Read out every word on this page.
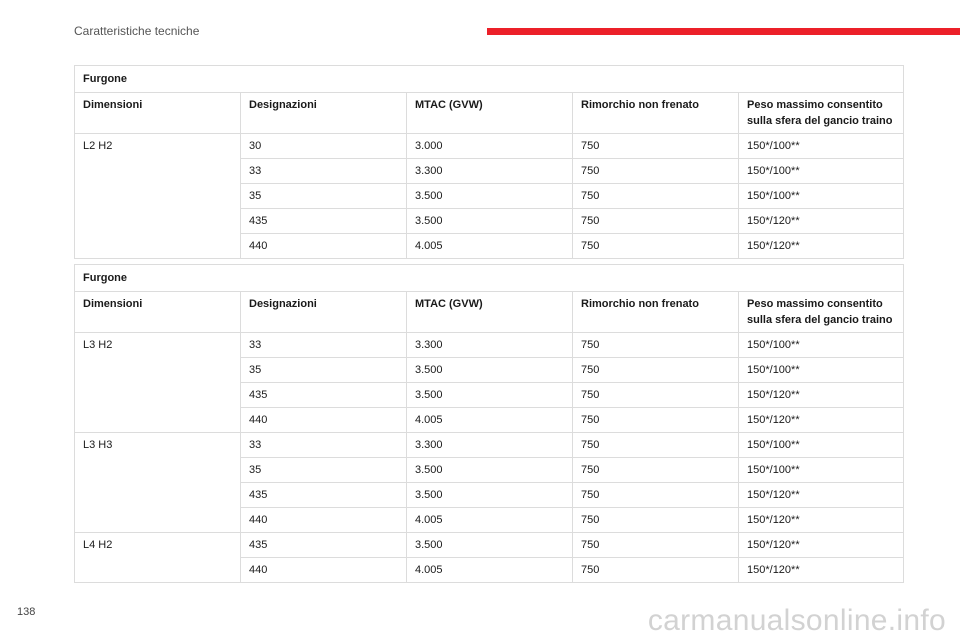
Caratteristiche tecniche
Furgone				
Dimensioni	Designazioni	MTAC (GVW)	Rimorchio non frenato	Peso massimo consentito sulla sfera del gancio traino
L2 H2	30	3.000	750	150*/100**
	33	3.300	750	150*/100**
	35	3.500	750	150*/100**
	435	3.500	750	150*/120**
	440	4.005	750	150*/120**
Furgone				
Dimensioni	Designazioni	MTAC (GVW)	Rimorchio non frenato	Peso massimo consentito sulla sfera del gancio traino
L3 H2	33	3.300	750	150*/100**
	35	3.500	750	150*/100**
	435	3.500	750	150*/120**
	440	4.005	750	150*/120**
L3 H3	33	3.300	750	150*/100**
	35	3.500	750	150*/100**
	435	3.500	750	150*/120**
	440	4.005	750	150*/120**
L4 H2	435	3.500	750	150*/120**
	440	4.005	750	150*/120**
138	carmanualsonline.info
